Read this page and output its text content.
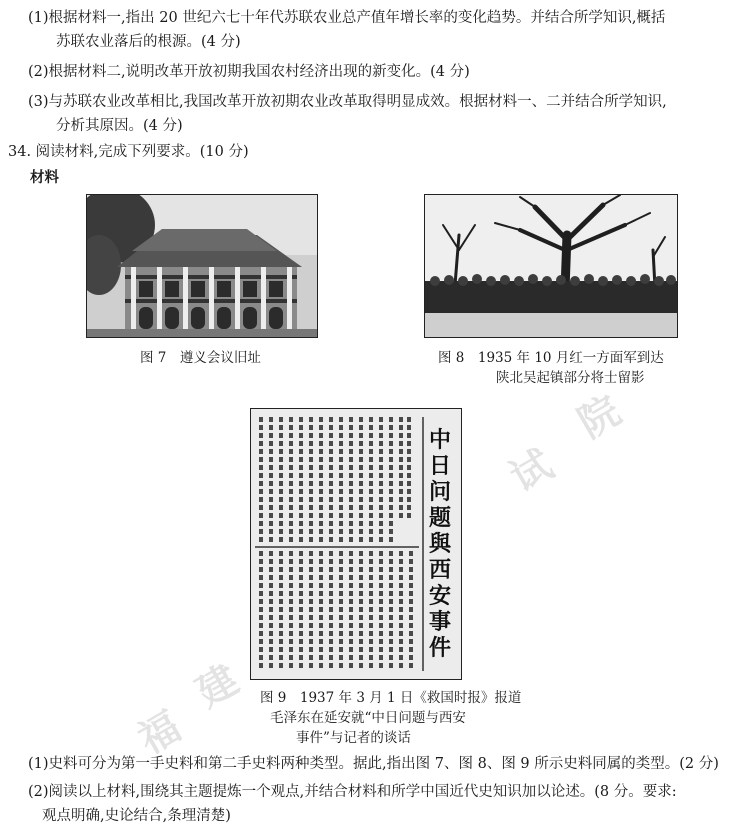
(1)根据材料一,指出 20 世纪六七十年代苏联农业总产值年增长率的变化趋势。并结合所学知识,概括
苏联农业落后的根源。(4 分)
(2)根据材料二,说明改革开放初期我国农村经济出现的新变化。(4 分)
(3)与苏联农业改革相比,我国改革开放初期农业改革取得明显成效。根据材料一、二并结合所学知识,
分析其原因。(4 分)
34. 阅读材料,完成下列要求。(10 分)
材料
图 7　遵义会议旧址	图 8　1935 年 10 月红一方面军到达
陕北吴起镇部分将士留影
中日问题與西安事件
图 9　1937 年 3 月 1 日《救国时报》报道
毛泽东在延安就“中日问题与西安
事件”与记者的谈话
(1)史料可分为第一手史料和第二手史料两种类型。据此,指出图 7、图 8、图 9 所示史料同属的类型。(2 分)
(2)阅读以上材料,围绕其主题提炼一个观点,并结合材料和所学中国近代史知识加以论述。(8 分。要求:
观点明确,史论结合,条理清楚)
福
建
试
院
